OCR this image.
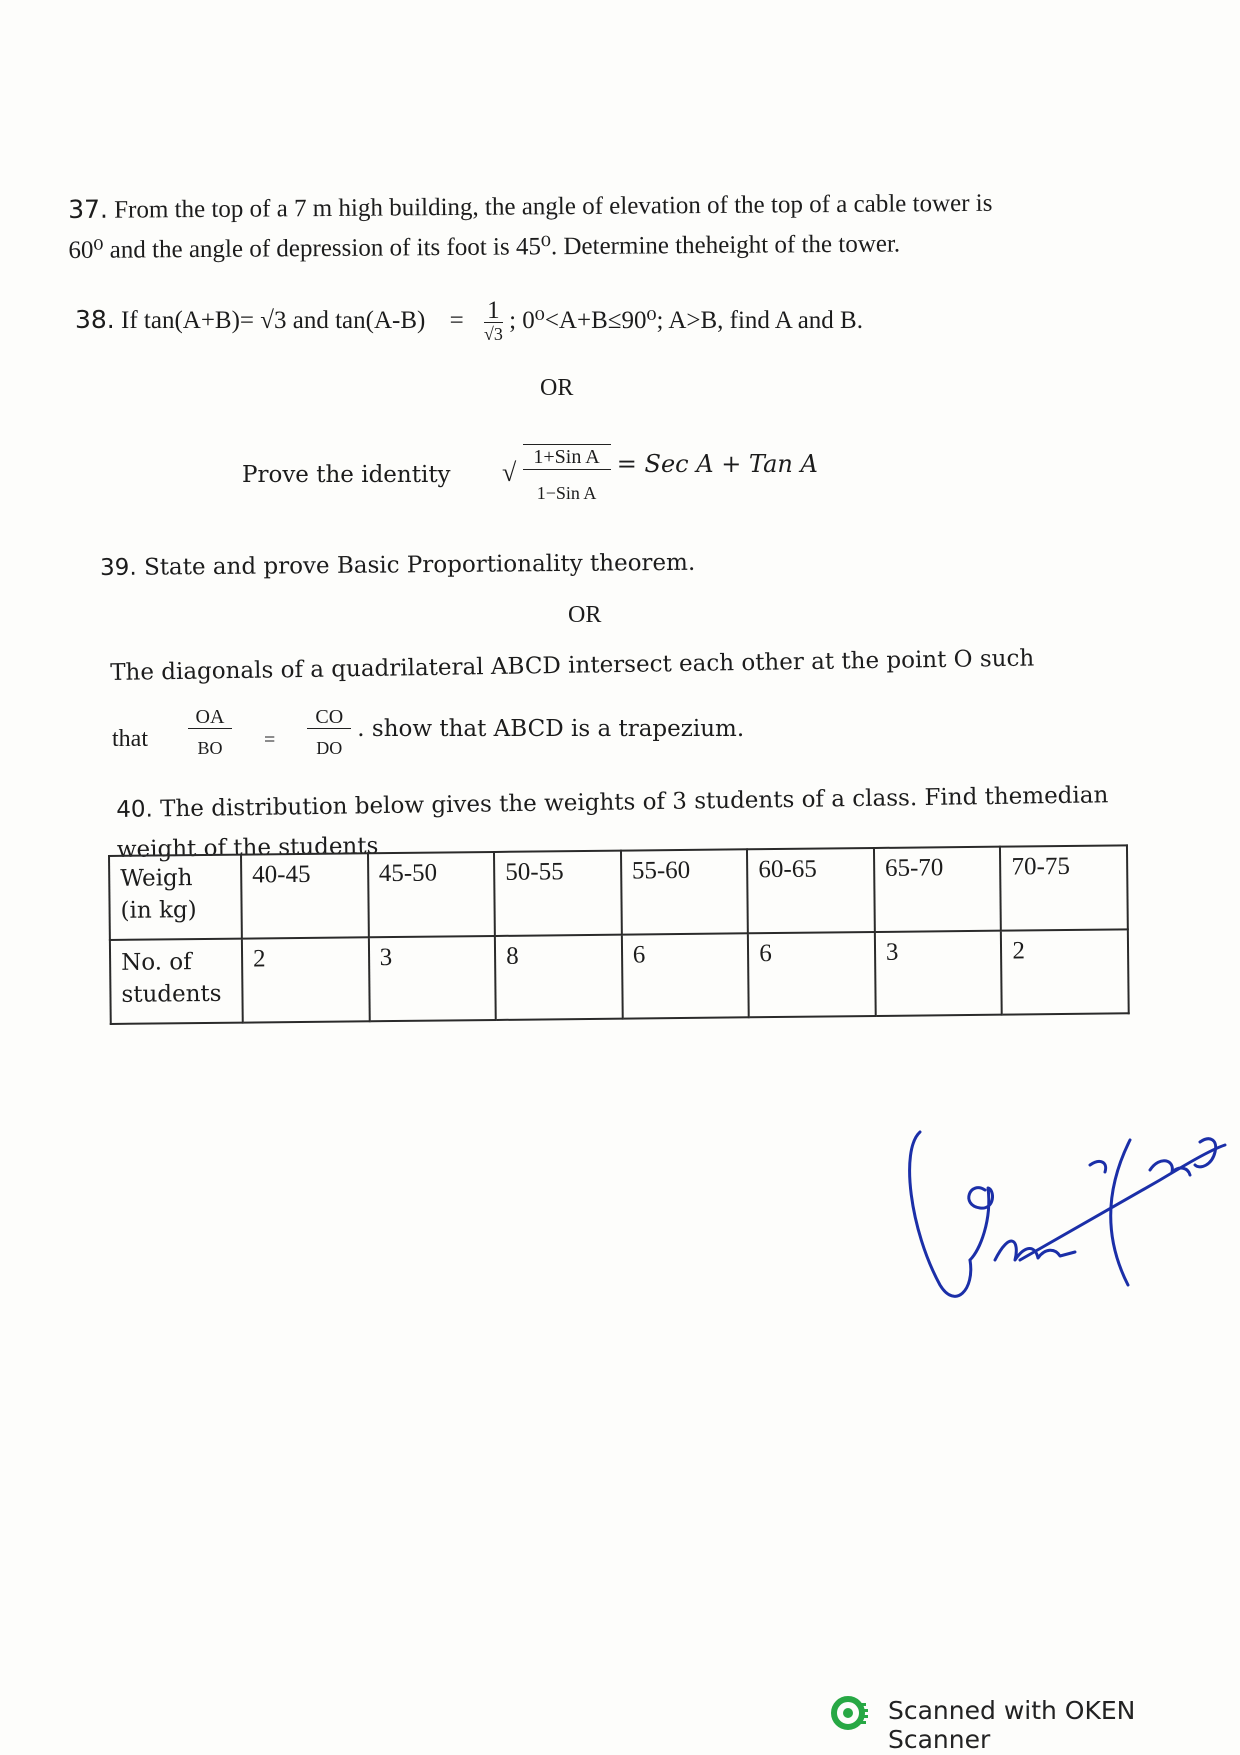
37. From the top of a 7 m high building, the angle of elevation of the top of a cable tower is
60⁰ and the angle of depression of its foot is 45⁰. Determine theheight of the tower.
38. If tan(A+B)= √3 and $\tan(A-B) = \frac{1}{√3}$ ; 0⁰<A+B≤90⁰; A>B, find A and B.
OR
Prove the identity √ $\frac{\text{1+Sin A}}{\text{1−Sin A}}$ = Sec A + Tan A
39. State and prove Basic Proportionality theorem.
OR
The diagonals of a quadrilateral ABCD intersect each other at the point O such
that $\frac{OA}{BO} _= \frac{CO}{DO}$ . show that ABCD is a trapezium.
40. The distribution below gives the weights of 3 students of a class. Find themedian
weight of the students
Weigh (in kg)	40-45	45-50	50-55	55-60	60-65	65-70	70-75
No. of students	2	3	8	6	6	3	2
Scanned with OKEN Scanner
